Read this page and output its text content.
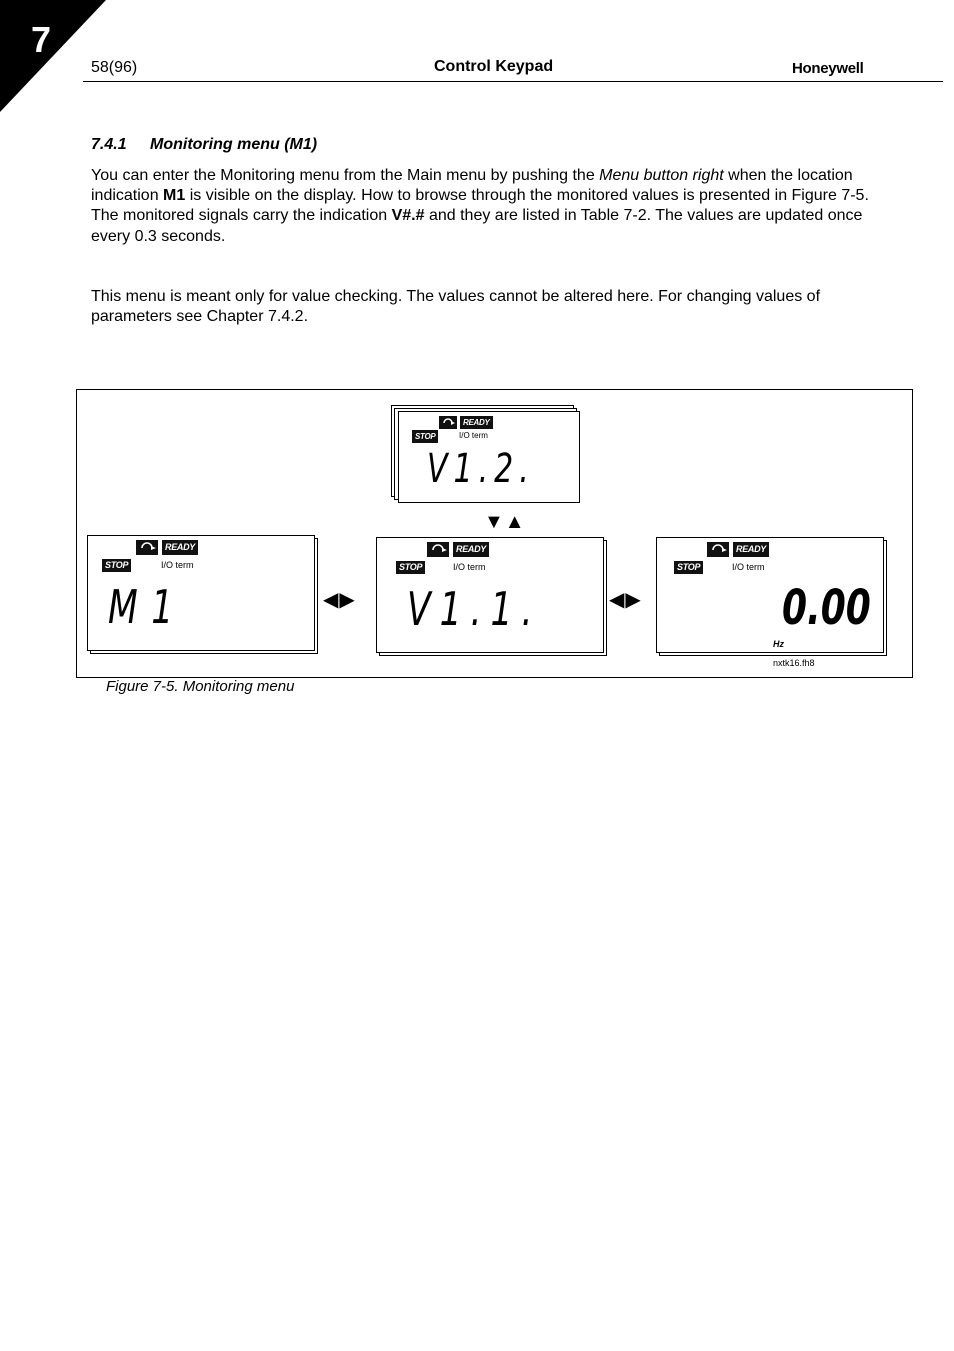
7
58(96)	Control Keypad	Honeywell
7.4.1 Monitoring menu (M1)
You can enter the Monitoring menu from the Main menu by pushing the Menu button right when the location indication M1 is visible on the display. How to browse through the monitored values is presented in Figure 7-5.
The monitored signals carry the indication V#.# and they are listed in Table 7-2. The values are updated once every 0.3 seconds.
This menu is meant only for value checking. The values cannot be altered here. For changing values of parameters see Chapter 7.4.2.
READY
STOP	I/O term
V1.2.
▼▲
READY
STOP	I/O term
M1	◀▶
READY
STOP	I/O term
V1.1.	◀▶
READY
STOP	I/O term
0.00
Hz
nxtk16.fh8
Figure 7-5. Monitoring menu
